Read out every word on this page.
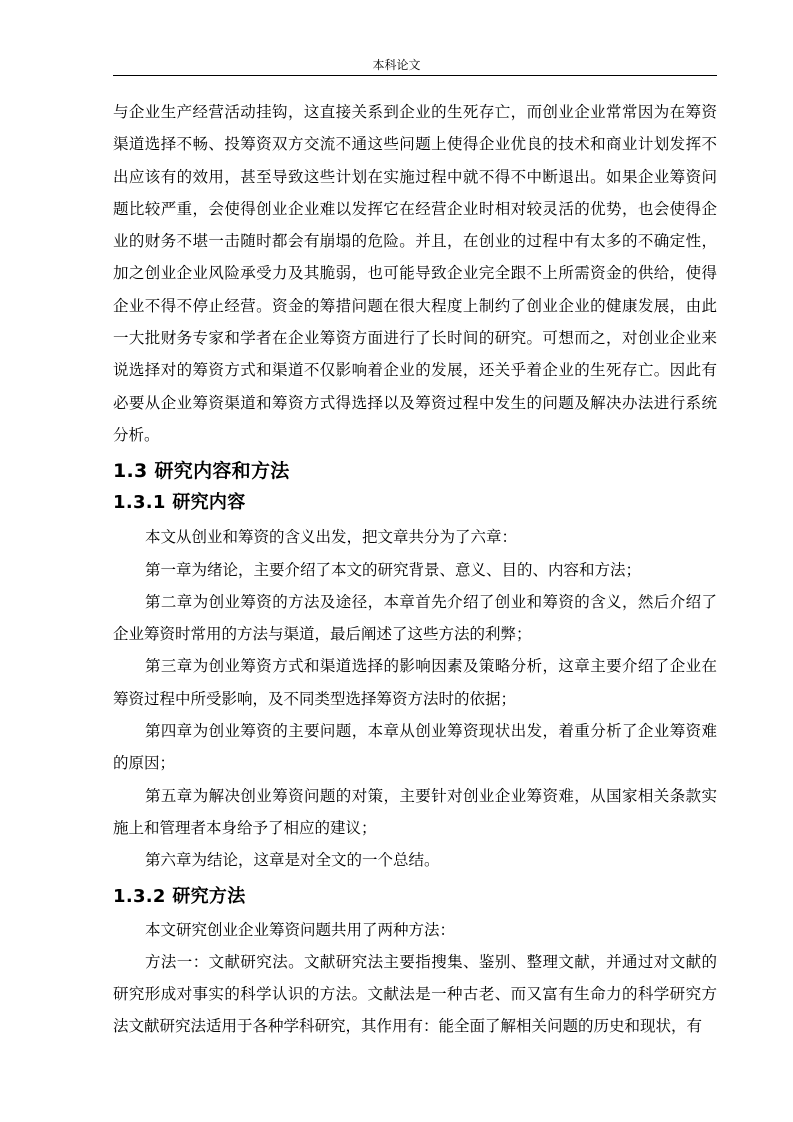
本科论文

与企业生产经营活动挂钩，这直接关系到企业的生死存亡，而创业企业常常因为在筹资渠道选择不畅、投筹资双方交流不通这些问题上使得企业优良的技术和商业计划发挥不出应该有的效用，甚至导致这些计划在实施过程中就不得不中断退出。如果企业筹资问题比较严重，会使得创业企业难以发挥它在经营企业时相对较灵活的优势，也会使得企业的财务不堪一击随时都会有崩塌的危险。并且，在创业的过程中有太多的不确定性，加之创业企业风险承受力及其脆弱，也可能导致企业完全跟不上所需资金的供给，使得企业不得不停止经营。资金的筹措问题在很大程度上制约了创业企业的健康发展，由此一大批财务专家和学者在企业筹资方面进行了长时间的研究。可想而之，对创业企业来说选择对的筹资方式和渠道不仅影响着企业的发展，还关乎着企业的生死存亡。因此有必要从企业筹资渠道和筹资方式得选择以及筹资过程中发生的问题及解决办法进行系统分析。

1.3 研究内容和方法
1.3.1 研究内容

本文从创业和筹资的含义出发，把文章共分为了六章：

第一章为绪论，主要介绍了本文的研究背景、意义、目的、内容和方法；

第二章为创业筹资的方法及途径，本章首先介绍了创业和筹资的含义，然后介绍了企业筹资时常用的方法与渠道，最后阐述了这些方法的利弊；

第三章为创业筹资方式和渠道选择的影响因素及策略分析，这章主要介绍了企业在筹资过程中所受影响，及不同类型选择筹资方法时的依据；

第四章为创业筹资的主要问题，本章从创业筹资现状出发，着重分析了企业筹资难的原因；

第五章为解决创业筹资问题的对策，主要针对创业企业筹资难，从国家相关条款实施上和管理者本身给予了相应的建议；

第六章为结论，这章是对全文的一个总结。

1.3.2 研究方法

本文研究创业企业筹资问题共用了两种方法：

方法一：文献研究法。文献研究法主要指搜集、鉴别、整理文献，并通过对文献的研究形成对事实的科学认识的方法。文献法是一种古老、而又富有生命力的科学研究方法文献研究法适用于各种学科研究，其作用有：能全面了解相关问题的历史和现状，有
